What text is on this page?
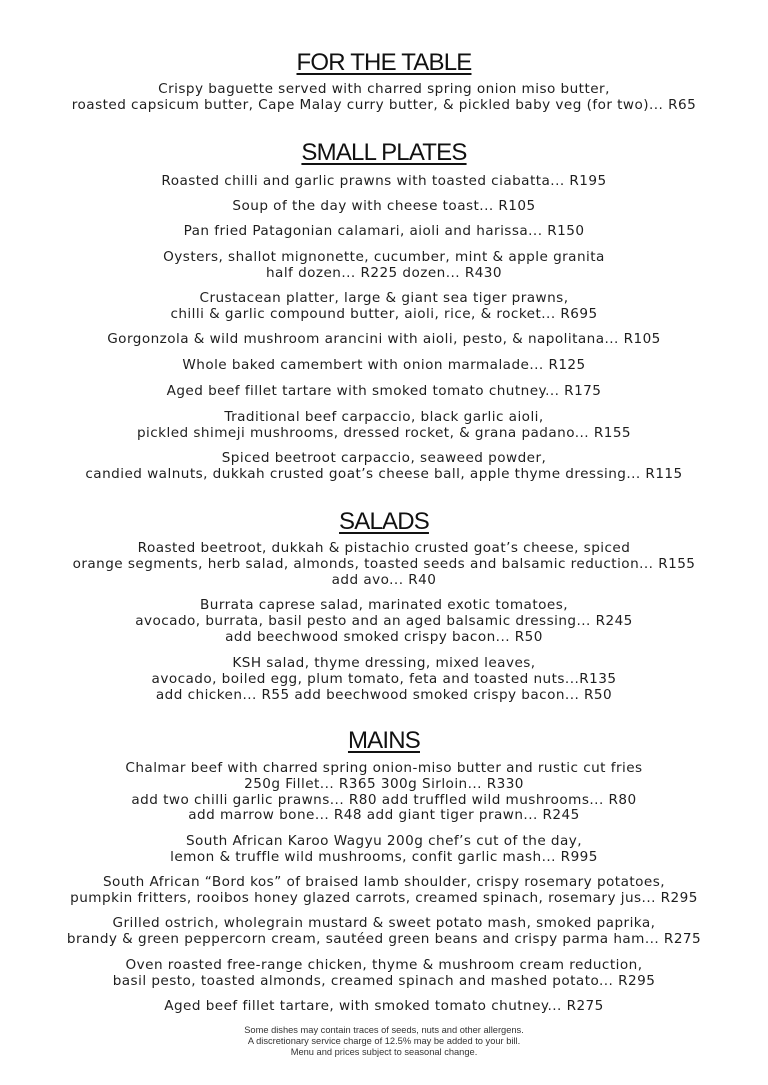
FOR THE TABLE
Crispy baguette served with charred spring onion miso butter,
roasted capsicum butter, Cape Malay curry butter, & pickled baby veg (for two)... R65
SMALL PLATES
Roasted chilli and garlic prawns with toasted ciabatta... R195
Soup of the day with cheese toast... R105
Pan fried Patagonian calamari, aioli and harissa... R150
Oysters, shallot mignonette, cucumber, mint & apple granita
half dozen... R225 dozen... R430
Crustacean platter, large & giant sea tiger prawns,
chilli & garlic compound butter, aioli, rice, & rocket... R695
Gorgonzola & wild mushroom arancini with aioli, pesto, & napolitana... R105
Whole baked camembert with onion marmalade... R125
Aged beef fillet tartare with smoked tomato chutney... R175
Traditional beef carpaccio, black garlic aioli,
pickled shimeji mushrooms, dressed rocket, & grana padano... R155
Spiced beetroot carpaccio, seaweed powder,
candied walnuts, dukkah crusted goat’s cheese ball, apple thyme dressing... R115
SALADS
Roasted beetroot, dukkah & pistachio crusted goat’s cheese, spiced
orange segments, herb salad, almonds, toasted seeds and balsamic reduction... R155
add avo... R40
Burrata caprese salad, marinated exotic tomatoes,
avocado, burrata, basil pesto and an aged balsamic dressing... R245
add beechwood smoked crispy bacon... R50
KSH salad, thyme dressing, mixed leaves,
avocado, boiled egg, plum tomato, feta and toasted nuts...R135
add chicken... R55 add beechwood smoked crispy bacon... R50
MAINS
Chalmar beef with charred spring onion-miso butter and rustic cut fries
250g Fillet... R365 300g Sirloin... R330
add two chilli garlic prawns... R80 add truffled wild mushrooms... R80
add marrow bone... R48 add giant tiger prawn... R245
South African Karoo Wagyu 200g chef’s cut of the day,
lemon & truffle wild mushrooms, confit garlic mash... R995
South African “Bord kos” of braised lamb shoulder, crispy rosemary potatoes,
pumpkin fritters, rooibos honey glazed carrots, creamed spinach, rosemary jus... R295
Grilled ostrich, wholegrain mustard & sweet potato mash, smoked paprika,
brandy & green peppercorn cream, sautéed green beans and crispy parma ham... R275
Oven roasted free-range chicken, thyme & mushroom cream reduction,
basil pesto, toasted almonds, creamed spinach and mashed potato... R295
Aged beef fillet tartare, with smoked tomato chutney... R275
Some dishes may contain traces of seeds, nuts and other allergens.
A discretionary service charge of 12.5% may be added to your bill.
Menu and prices subject to seasonal change.
